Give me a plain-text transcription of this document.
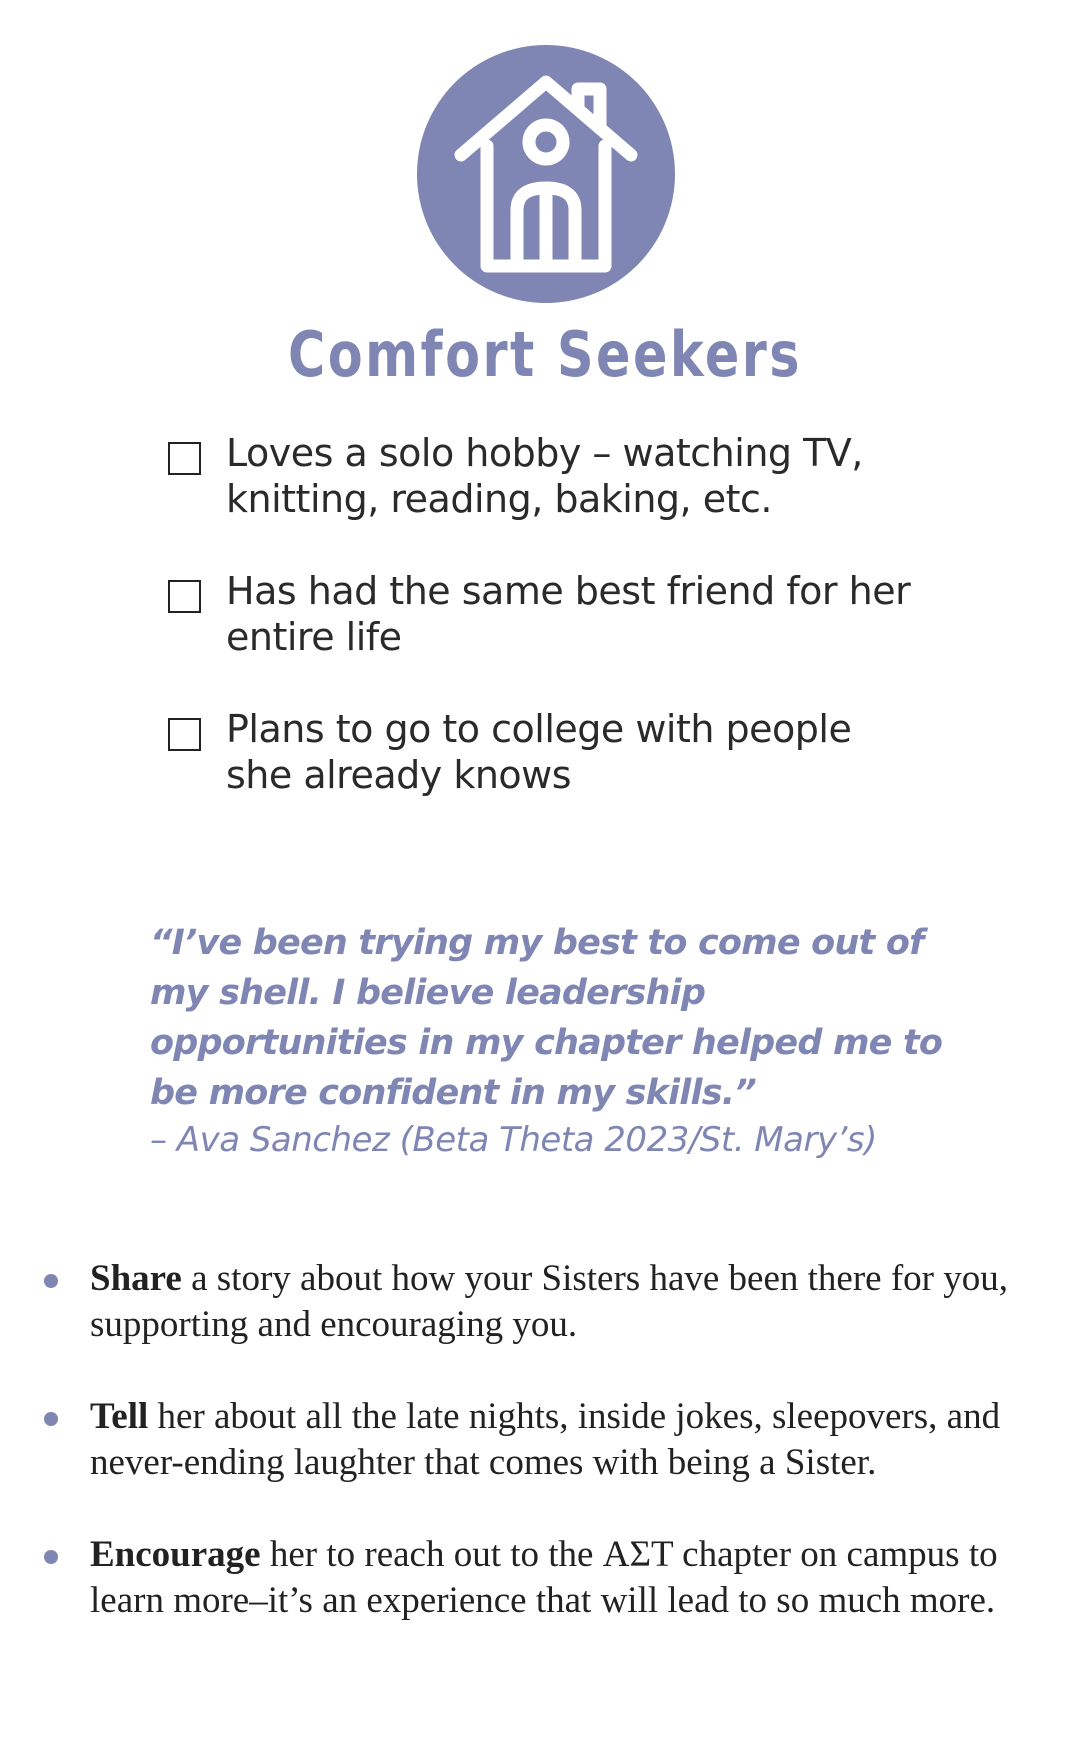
Comfort Seekers
Loves a solo hobby – watching TV, knitting, reading, baking, etc.
Has had the same best friend for her entire life
Plans to go to college with people she already knows

“I’ve been trying my best to come out of my shell. I believe leadership opportunities in my chapter helped me to be more confident in my skills.”

– Ava Sanchez (Beta Theta 2023/St. Mary’s)
Share a story about how your Sisters have been there for you, supporting and encouraging you.
Tell her about all the late nights, inside jokes, sleepovers, and never-ending laughter that comes with being a Sister.
Encourage her to reach out to the ΑΣΤ chapter on campus to learn more–it’s an experience that will lead to so much more.
